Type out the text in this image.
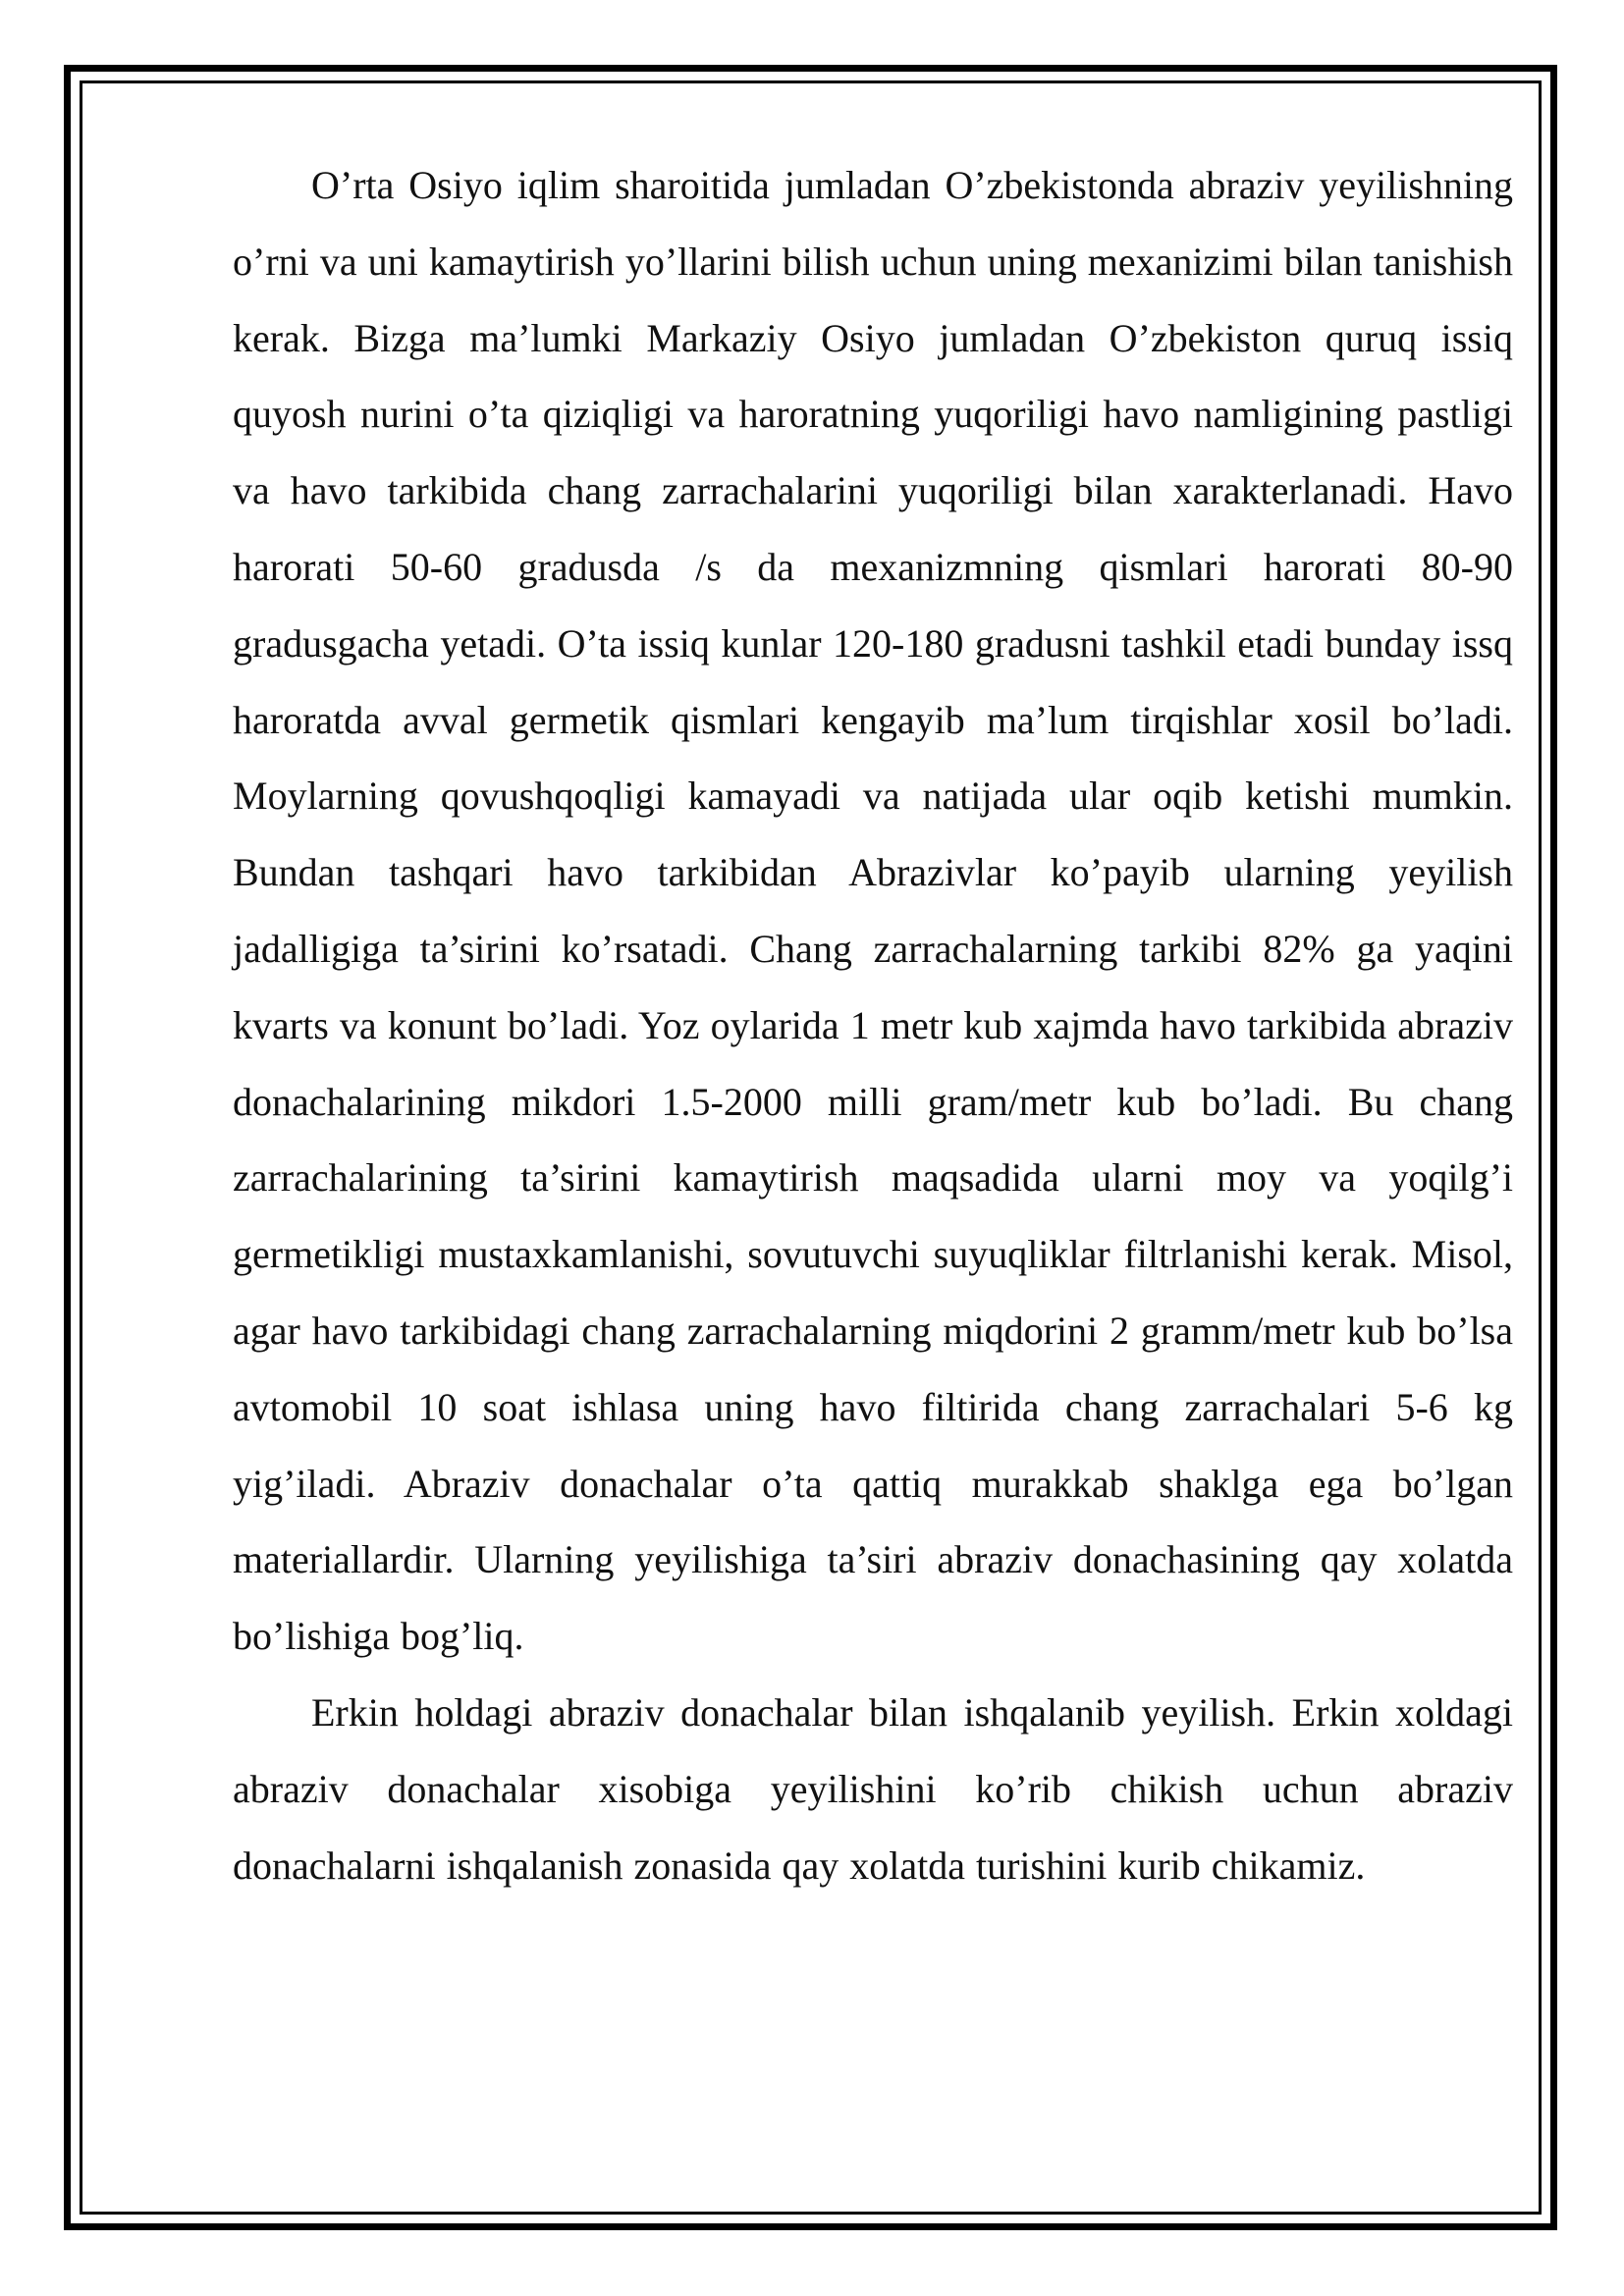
O’rta Osiyo iqlim sharoitida jumladan O’zbekistonda abraziv yeyilishning o’rni va uni kamaytirish yo’llarini bilish uchun uning mexanizimi bilan tanishish kerak. Bizga ma’lumki Markaziy Osiyo jumladan O’zbekiston quruq issiq quyosh nurini o’ta qiziqligi va haroratning yuqoriligi havo namligining pastligi va havo tarkibida chang zarrachalarini yuqoriligi bilan xarakterlanadi. Havo harorati 50-60 gradusda /s da mexanizmning qismlari harorati 80-90 gradusgacha yetadi. O’ta issiq kunlar 120-180 gradusni tashkil etadi bunday issq haroratda avval germetik qismlari kengayib ma’lum tirqishlar xosil bo’ladi. Moylarning qovushqoqligi kamayadi va natijada ular oqib ketishi mumkin. Bundan tashqari havo tarkibidan Abrazivlar ko’payib ularning yeyilish jadalligiga ta’sirini ko’rsatadi. Chang zarrachalarning tarkibi 82% ga yaqini kvarts va konunt bo’ladi. Yoz oylarida 1 metr kub xajmda havo tarkibida abraziv donachalarining mikdori 1.5-2000 milli gram/metr kub bo’ladi. Bu chang zarrachalarining ta’sirini kamaytirish maqsadida ularni moy va yoqilg’i germetikligi mustaxkamlanishi, sovutuvchi suyuqliklar filtrlanishi kerak. Misol, agar havo tarkibidagi chang zarrachalarning miqdorini 2 gramm/metr kub bo’lsa avtomobil 10 soat ishlasa uning havo filtirida chang zarrachalari 5-6 kg yig’iladi. Abraziv donachalar o’ta qattiq murakkab shaklga ega bo’lgan materiallardir. Ularning yeyilishiga ta’siri abraziv donachasining qay xolatda bo’lishiga bog’liq.

Erkin holdagi abraziv donachalar bilan ishqalanib yeyilish. Erkin xoldagi abraziv donachalar xisobiga yeyilishini ko’rib chikish uchun abraziv donachalarni ishqalanish zonasida qay xolatda turishini kurib chikamiz.
